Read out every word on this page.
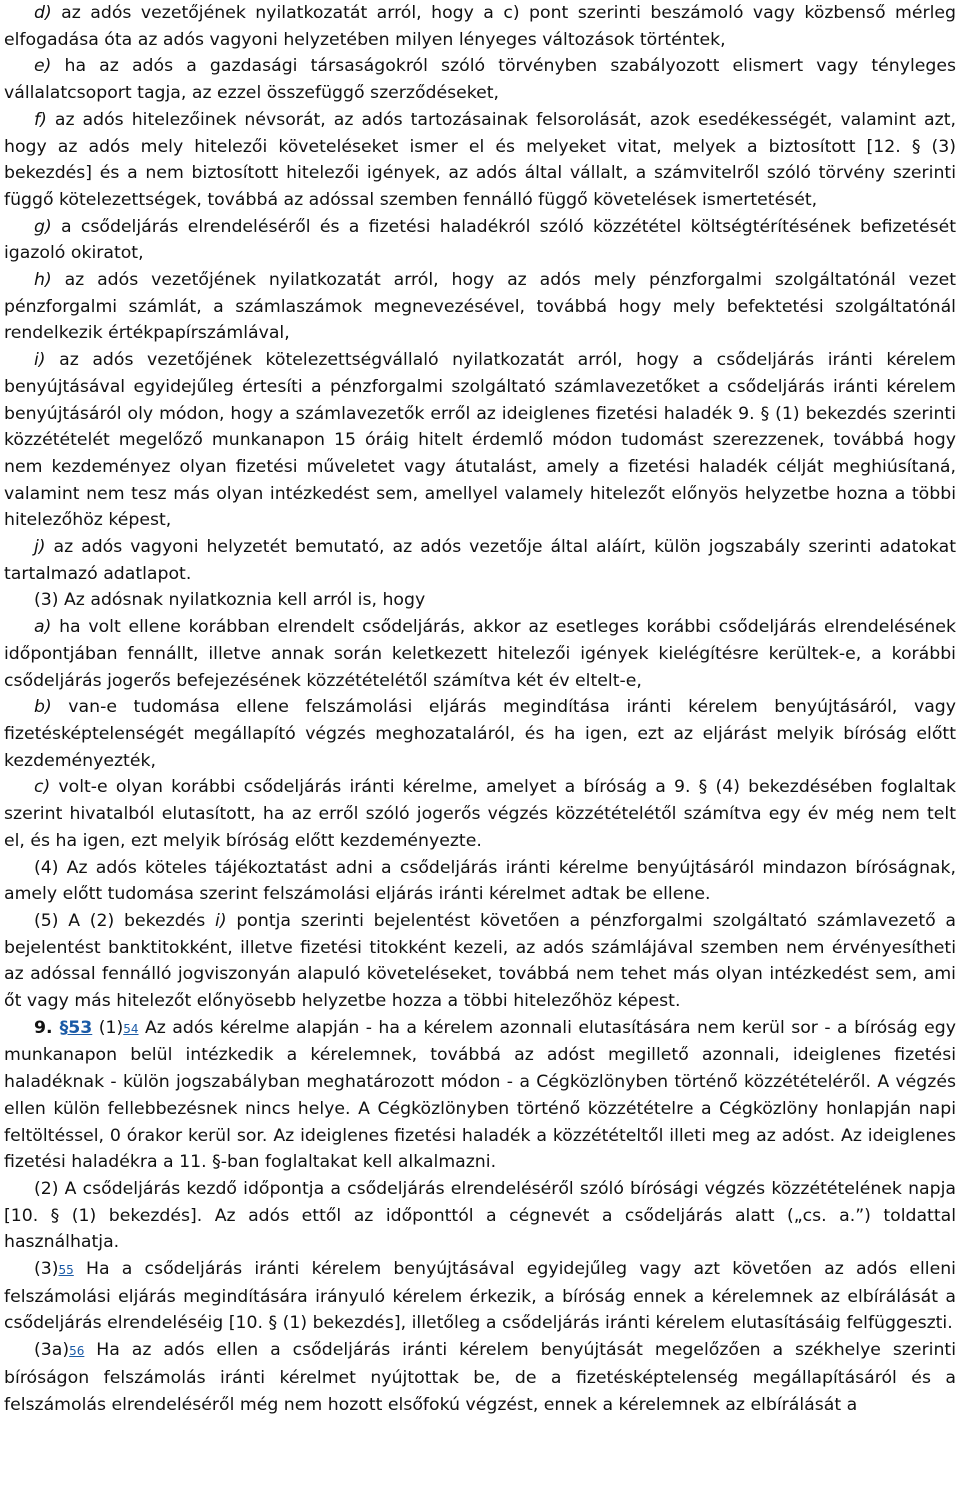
d) az adós vezetőjének nyilatkozatát arról, hogy a c) pont szerinti beszámoló vagy közbenső mérleg elfogadása óta az adós vagyoni helyzetében milyen lényeges változások történtek,

e) ha az adós a gazdasági társaságokról szóló törvényben szabályozott elismert vagy tényleges vállalatcsoport tagja, az ezzel összefüggő szerződéseket,

f) az adós hitelezőinek névsorát, az adós tartozásainak felsorolását, azok esedékességét, valamint azt, hogy az adós mely hitelezői követeléseket ismer el és melyeket vitat, melyek a biztosított [12. § (3) bekezdés] és a nem biztosított hitelezői igények, az adós által vállalt, a számvitelről szóló törvény szerinti függő kötelezettségek, továbbá az adóssal szemben fennálló függő követelések ismertetését,

g) a csődeljárás elrendeléséről és a fizetési haladékról szóló közzététel költségtérítésének befizetését igazoló okiratot,

h) az adós vezetőjének nyilatkozatát arról, hogy az adós mely pénzforgalmi szolgáltatónál vezet pénzforgalmi számlát, a számlaszámok megnevezésével, továbbá hogy mely befektetési szolgáltatónál rendelkezik értékpapírszámlával,

i) az adós vezetőjének kötelezettségvállaló nyilatkozatát arról, hogy a csődeljárás iránti kérelem benyújtásával egyidejűleg értesíti a pénzforgalmi szolgáltató számlavezetőket a csődeljárás iránti kérelem benyújtásáról oly módon, hogy a számlavezetők erről az ideiglenes fizetési haladék 9. § (1) bekezdés szerinti közzétételét megelőző munkanapon 15 óráig hitelt érdemlő módon tudomást szerezzenek, továbbá hogy nem kezdeményez olyan fizetési műveletet vagy átutalást, amely a fizetési haladék célját meghiúsítaná, valamint nem tesz más olyan intézkedést sem, amellyel valamely hitelezőt előnyös helyzetbe hozna a többi hitelezőhöz képest,

j) az adós vagyoni helyzetét bemutató, az adós vezetője által aláírt, külön jogszabály szerinti adatokat tartalmazó adatlapot.

(3) Az adósnak nyilatkoznia kell arról is, hogy

a) ha volt ellene korábban elrendelt csődeljárás, akkor az esetleges korábbi csődeljárás elrendelésének időpontjában fennállt, illetve annak során keletkezett hitelezői igények kielégítésre kerültek-e, a korábbi csődeljárás jogerős befejezésének közzétételétől számítva két év eltelt-e,

b) van-e tudomása ellene felszámolási eljárás megindítása iránti kérelem benyújtásáról, vagy fizetésképtelenségét megállapító végzés meghozataláról, és ha igen, ezt az eljárást melyik bíróság előtt kezdeményezték,

c) volt-e olyan korábbi csődeljárás iránti kérelme, amelyet a bíróság a 9. § (4) bekezdésében foglaltak szerint hivatalból elutasított, ha az erről szóló jogerős végzés közzétételétől számítva egy év még nem telt el, és ha igen, ezt melyik bíróság előtt kezdeményezte.

(4) Az adós köteles tájékoztatást adni a csődeljárás iránti kérelme benyújtásáról mindazon bíróságnak, amely előtt tudomása szerint felszámolási eljárás iránti kérelmet adtak be ellene.

(5) A (2) bekezdés i) pontja szerinti bejelentést követően a pénzforgalmi szolgáltató számlavezető a bejelentést banktitokként, illetve fizetési titokként kezeli, az adós számlájával szemben nem érvényesítheti az adóssal fennálló jogviszonyán alapuló követeléseket, továbbá nem tehet más olyan intézkedést sem, ami őt vagy más hitelezőt előnyösebb helyzetbe hozza a többi hitelezőhöz képest.

9. §53 (1)54 Az adós kérelme alapján - ha a kérelem azonnali elutasítására nem kerül sor - a bíróság egy munkanapon belül intézkedik a kérelemnek, továbbá az adóst megillető azonnali, ideiglenes fizetési haladéknak - külön jogszabályban meghatározott módon - a Cégközlönyben történő közzétételéről. A végzés ellen külön fellebbezésnek nincs helye. A Cégközlönyben történő közzétételre a Cégközlöny honlapján napi feltöltéssel, 0 órakor kerül sor. Az ideiglenes fizetési haladék a közzétételtől illeti meg az adóst. Az ideiglenes fizetési haladékra a 11. §-ban foglaltakat kell alkalmazni.

(2) A csődeljárás kezdő időpontja a csődeljárás elrendeléséről szóló bírósági végzés közzétételének napja [10. § (1) bekezdés]. Az adós ettől az időponttól a cégnevét a csődeljárás alatt („cs. a.”) toldattal használhatja.

(3)55 Ha a csődeljárás iránti kérelem benyújtásával egyidejűleg vagy azt követően az adós elleni felszámolási eljárás megindítására irányuló kérelem érkezik, a bíróság ennek a kérelemnek az elbírálását a csődeljárás elrendeléséig [10. § (1) bekezdés], illetőleg a csődeljárás iránti kérelem elutasításáig felfüggeszti.

(3a)56 Ha az adós ellen a csődeljárás iránti kérelem benyújtását megelőzően a székhelye szerinti bíróságon felszámolás iránti kérelmet nyújtottak be, de a fizetésképtelenség megállapításáról és a felszámolás elrendeléséről még nem hozott elsőfokú végzést, ennek a kérelemnek az elbírálását a
